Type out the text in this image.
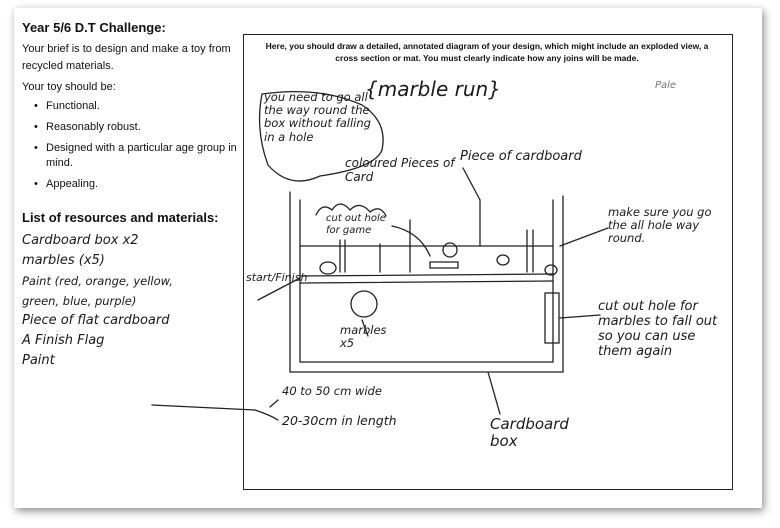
Year 5/6 D.T Challenge:

Your brief is to design and make a toy from recycled materials.

Your toy should be:

• Functional.
• Reasonably robust.
• Designed with a particular age group in mind.
• Appealing.

List of resources and materials:

Cardboard box x2
marbles (x5)
Paint (red, orange, yellow,
green, blue, purple)
Piece of flat cardboard
A Finish Flag
Paint
Here, you should draw a detailed, annotated diagram of your design, which might include an exploded view, a cross section or mat. You must clearly indicate how any joins will be made.
{marble run}	Pale
you need to go all the way round the box without falling in a hole
Piece of cardboard
coloured Pieces of Card
cut out hole for game
make sure you go the all hole way round.
start/Finish
marbles x5
cut out hole for marbles to fall out so you can use them again
40 to 50 cm wide
20-30cm in length	Cardboard box
